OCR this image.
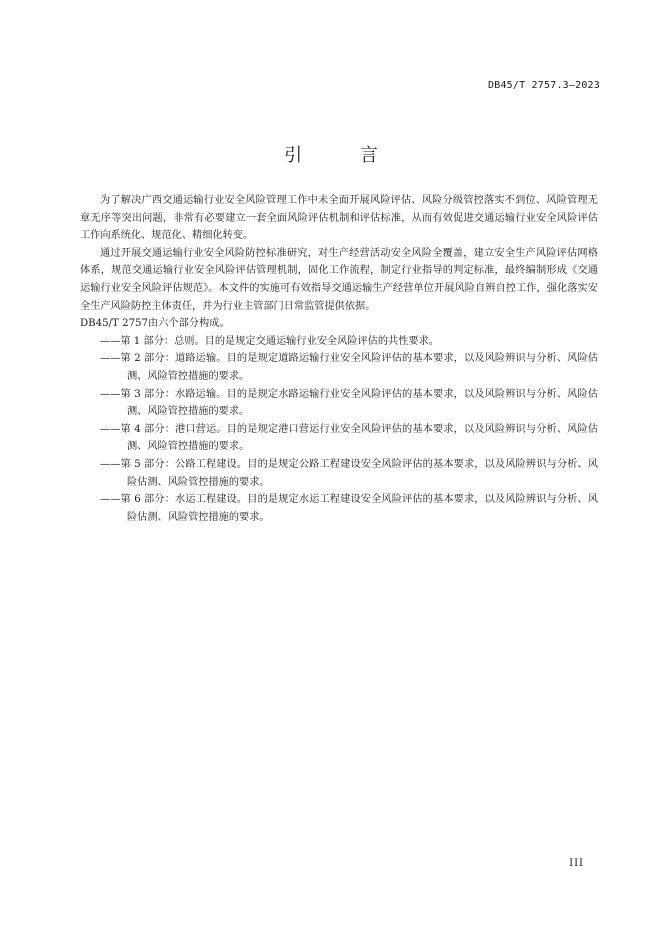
DB45/T 2757.3—2023
引 言

为了解决广西交通运输行业安全风险管理工作中未全面开展风险评估、风险分级管控落实不到位、风险管理无章无序等突出问题，非常有必要建立一套全面风险评估机制和评估标准，从而有效促进交通运输行业安全风险评估工作向系统化、规范化、精细化转变。

通过开展交通运输行业安全风险防控标准研究，对生产经营活动安全风险全覆盖，建立安全生产风险评估网格体系，规范交通运输行业安全风险评估管理机制，固化工作流程，制定行业指导的判定标准，最终编制形成《交通运输行业安全风险评估规范》。本文件的实施可有效指导交通运输生产经营单位开展风险自辨自控工作，强化落实安全生产风险防控主体责任，并为行业主管部门日常监管提供依据。

DB45/T 2757由六个部分构成。

——第 1 部分：总则。目的是规定交通运输行业安全风险评估的共性要求。

——第 2 部分：道路运输。目的是规定道路运输行业安全风险评估的基本要求，以及风险辨识与分析、风险估测、风险管控措施的要求。

——第 3 部分：水路运输。目的是规定水路运输行业安全风险评估的基本要求，以及风险辨识与分析、风险估测、风险管控措施的要求。

——第 4 部分：港口营运。目的是规定港口营运行业安全风险评估的基本要求，以及风险辨识与分析、风险估测、风险管控措施的要求。

——第 5 部分：公路工程建设。目的是规定公路工程建设安全风险评估的基本要求，以及风险辨识与分析、风险估测、风险管控措施的要求。

——第 6 部分：水运工程建设。目的是规定水运工程建设安全风险评估的基本要求，以及风险辨识与分析、风险估测、风险管控措施的要求。

III
